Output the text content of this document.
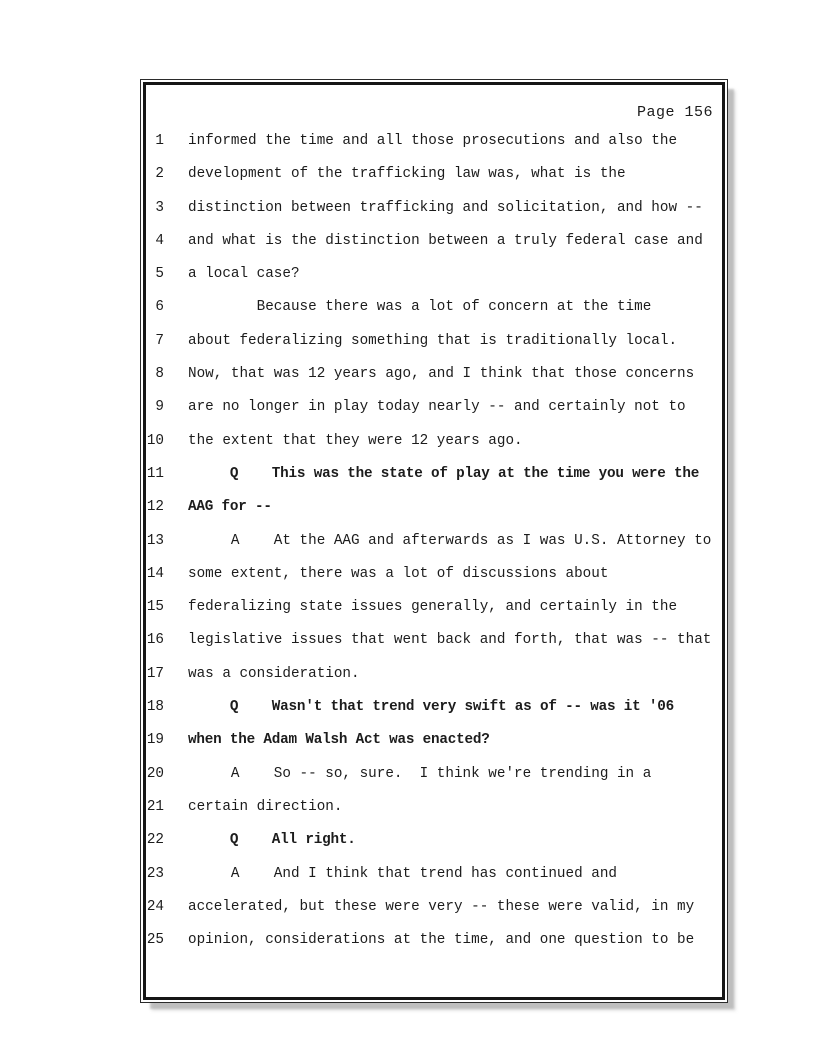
Page 156
1 informed the time and all those prosecutions and also the
2 development of the trafficking law was, what is the
3 distinction between trafficking and solicitation, and how --
4 and what is the distinction between a truly federal case and
5 a local case?
6 Because there was a lot of concern at the time
7 about federalizing something that is traditionally local.
8 Now, that was 12 years ago, and I think that those concerns
9 are no longer in play today nearly -- and certainly not to
10 the extent that they were 12 years ago.
11 Q    This was the state of play at the time you were the
12 AAG for --
13 A    At the AAG and afterwards as I was U.S. Attorney to
14 some extent, there was a lot of discussions about
15 federalizing state issues generally, and certainly in the
16 legislative issues that went back and forth, that was -- that
17 was a consideration.
18 Q    Wasn't that trend very swift as of -- was it '06
19 when the Adam Walsh Act was enacted?
20 A    So -- so, sure.  I think we're trending in a
21 certain direction.
22 Q    All right.
23 A    And I think that trend has continued and
24 accelerated, but these were very -- these were valid, in my
25 opinion, considerations at the time, and one question to be
